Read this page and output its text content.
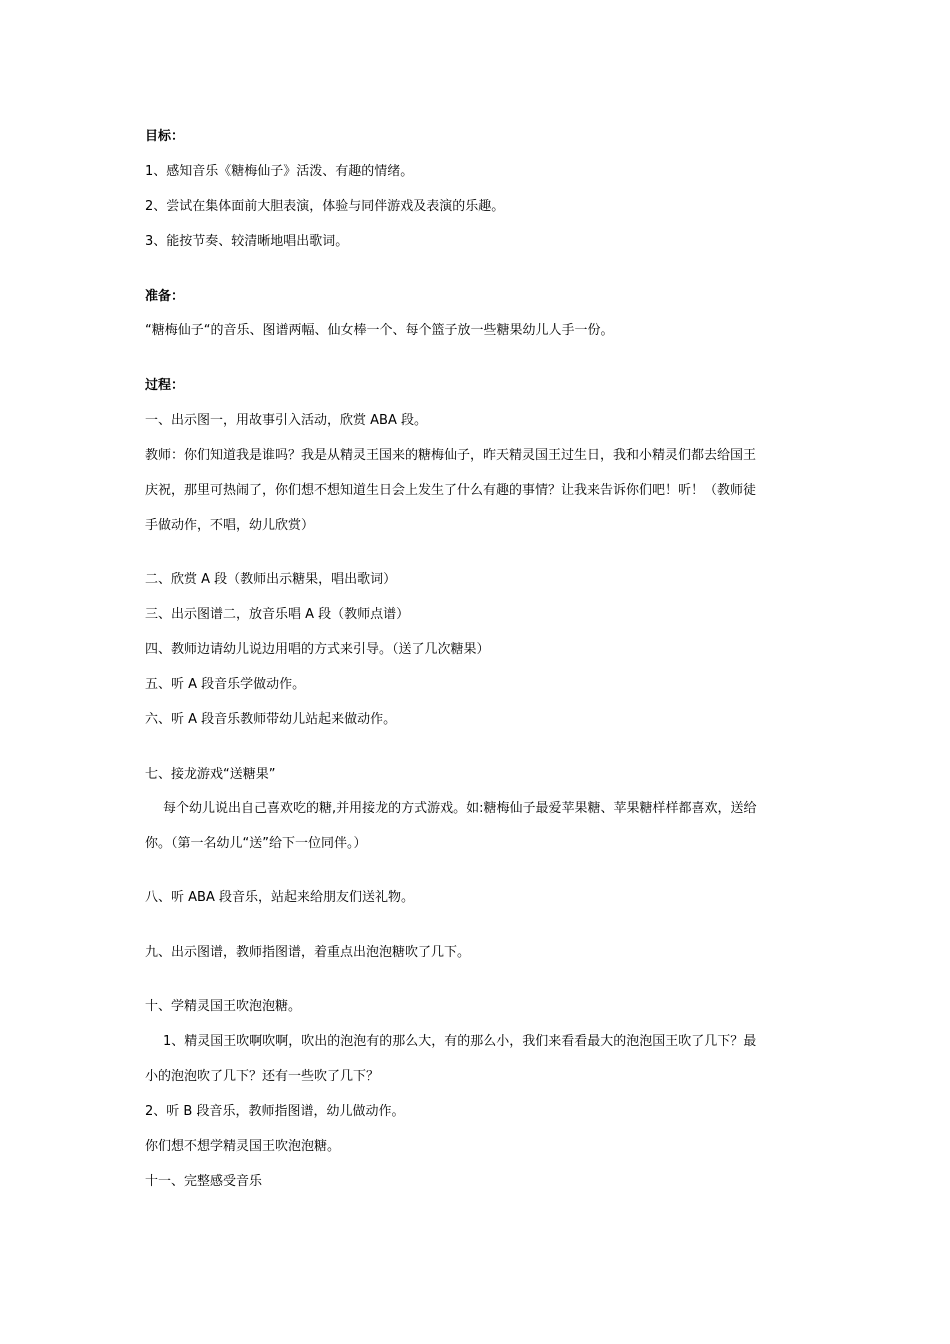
目标：
1、感知音乐《糖梅仙子》活泼、有趣的情绪。
2、尝试在集体面前大胆表演，体验与同伴游戏及表演的乐趣。
3、能按节奏、较清晰地唱出歌词。
准备：
“糖梅仙子“的音乐、图谱两幅、仙女棒一个、每个篮子放一些糖果幼儿人手一份。
过程：
一、出示图一，用故事引入活动，欣赏 ABA 段。
教师：你们知道我是谁吗？我是从精灵王国来的糖梅仙子，昨天精灵国王过生日，我和小精灵们都去给国王
庆祝，那里可热闹了，你们想不想知道生日会上发生了什么有趣的事情？让我来告诉你们吧！听！（教师徒
手做动作，不唱，幼儿欣赏）
二、欣赏 A 段（教师出示糖果，唱出歌词）
三、出示图谱二，放音乐唱 A 段（教师点谱）
四、教师边请幼儿说边用唱的方式来引导。（送了几次糖果）
五、听 A 段音乐学做动作。
六、听 A 段音乐教师带幼儿站起来做动作。
七、接龙游戏“送糖果”
每个幼儿说出自己喜欢吃的糖,并用接龙的方式游戏。如:糖梅仙子最爱苹果糖、苹果糖样样都喜欢，送给
你。（第一名幼儿“送”给下一位同伴。）
八、听 ABA 段音乐，站起来给朋友们送礼物。
九、出示图谱，教师指图谱，着重点出泡泡糖吹了几下。
十、学精灵国王吹泡泡糖。
1、精灵国王吹啊吹啊，吹出的泡泡有的那么大，有的那么小，我们来看看最大的泡泡国王吹了几下？最
小的泡泡吹了几下？还有一些吹了几下？
2、听 B 段音乐，教师指图谱，幼儿做动作。
你们想不想学精灵国王吹泡泡糖。
十一、完整感受音乐
